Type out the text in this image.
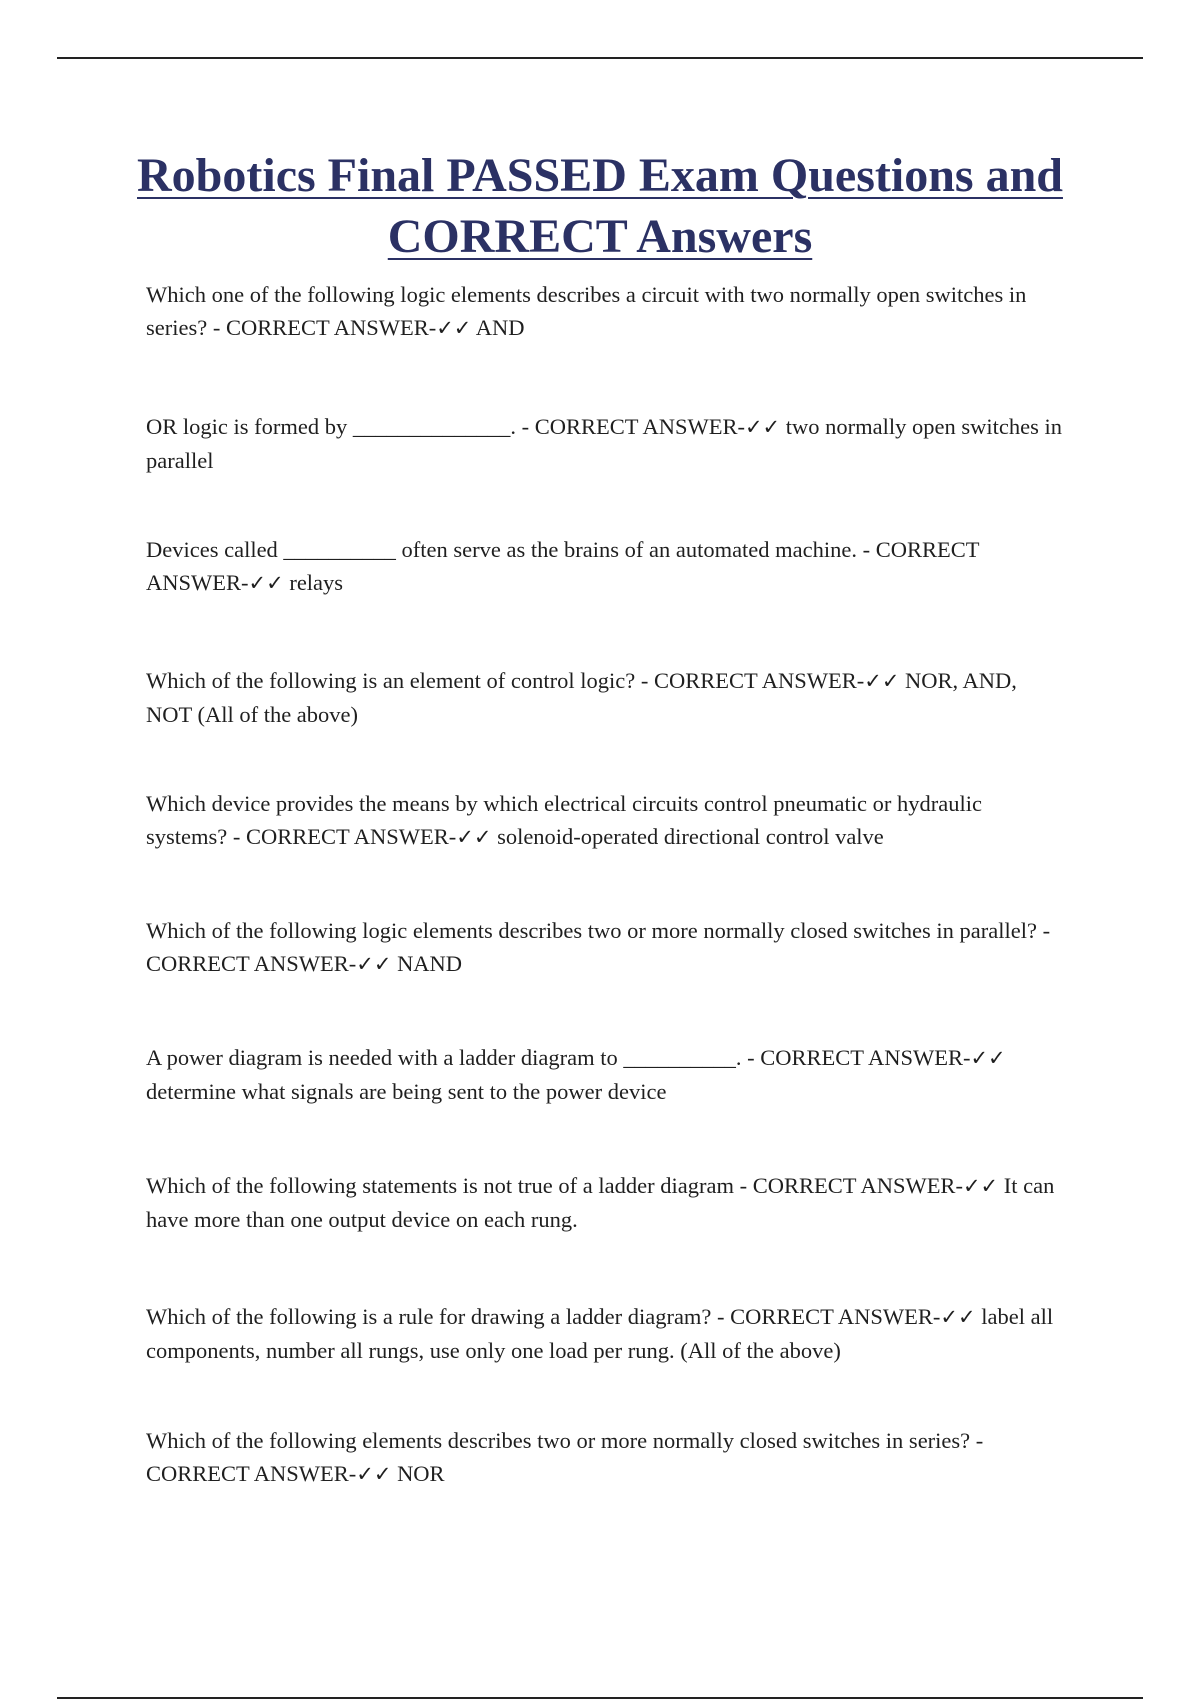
Robotics Final PASSED Exam Questions and CORRECT Answers

Which one of the following logic elements describes a circuit with two normally open switches in series? - CORRECT ANSWER-✓✓ AND

OR logic is formed by ______________. - CORRECT ANSWER-✓✓ two normally open switches in parallel

Devices called __________ often serve as the brains of an automated machine. - CORRECT ANSWER-✓✓ relays

Which of the following is an element of control logic? - CORRECT ANSWER-✓✓ NOR, AND, NOT (All of the above)

Which device provides the means by which electrical circuits control pneumatic or hydraulic systems? - CORRECT ANSWER-✓✓ solenoid-operated directional control valve

Which of the following logic elements describes two or more normally closed switches in parallel? - CORRECT ANSWER-✓✓ NAND

A power diagram is needed with a ladder diagram to __________. - CORRECT ANSWER-✓✓ determine what signals are being sent to the power device

Which of the following statements is not true of a ladder diagram - CORRECT ANSWER-✓✓ It can have more than one output device on each rung.

Which of the following is a rule for drawing a ladder diagram? - CORRECT ANSWER-✓✓ label all components, number all rungs, use only one load per rung. (All of the above)

Which of the following elements describes two or more normally closed switches in series? - CORRECT ANSWER-✓✓ NOR
